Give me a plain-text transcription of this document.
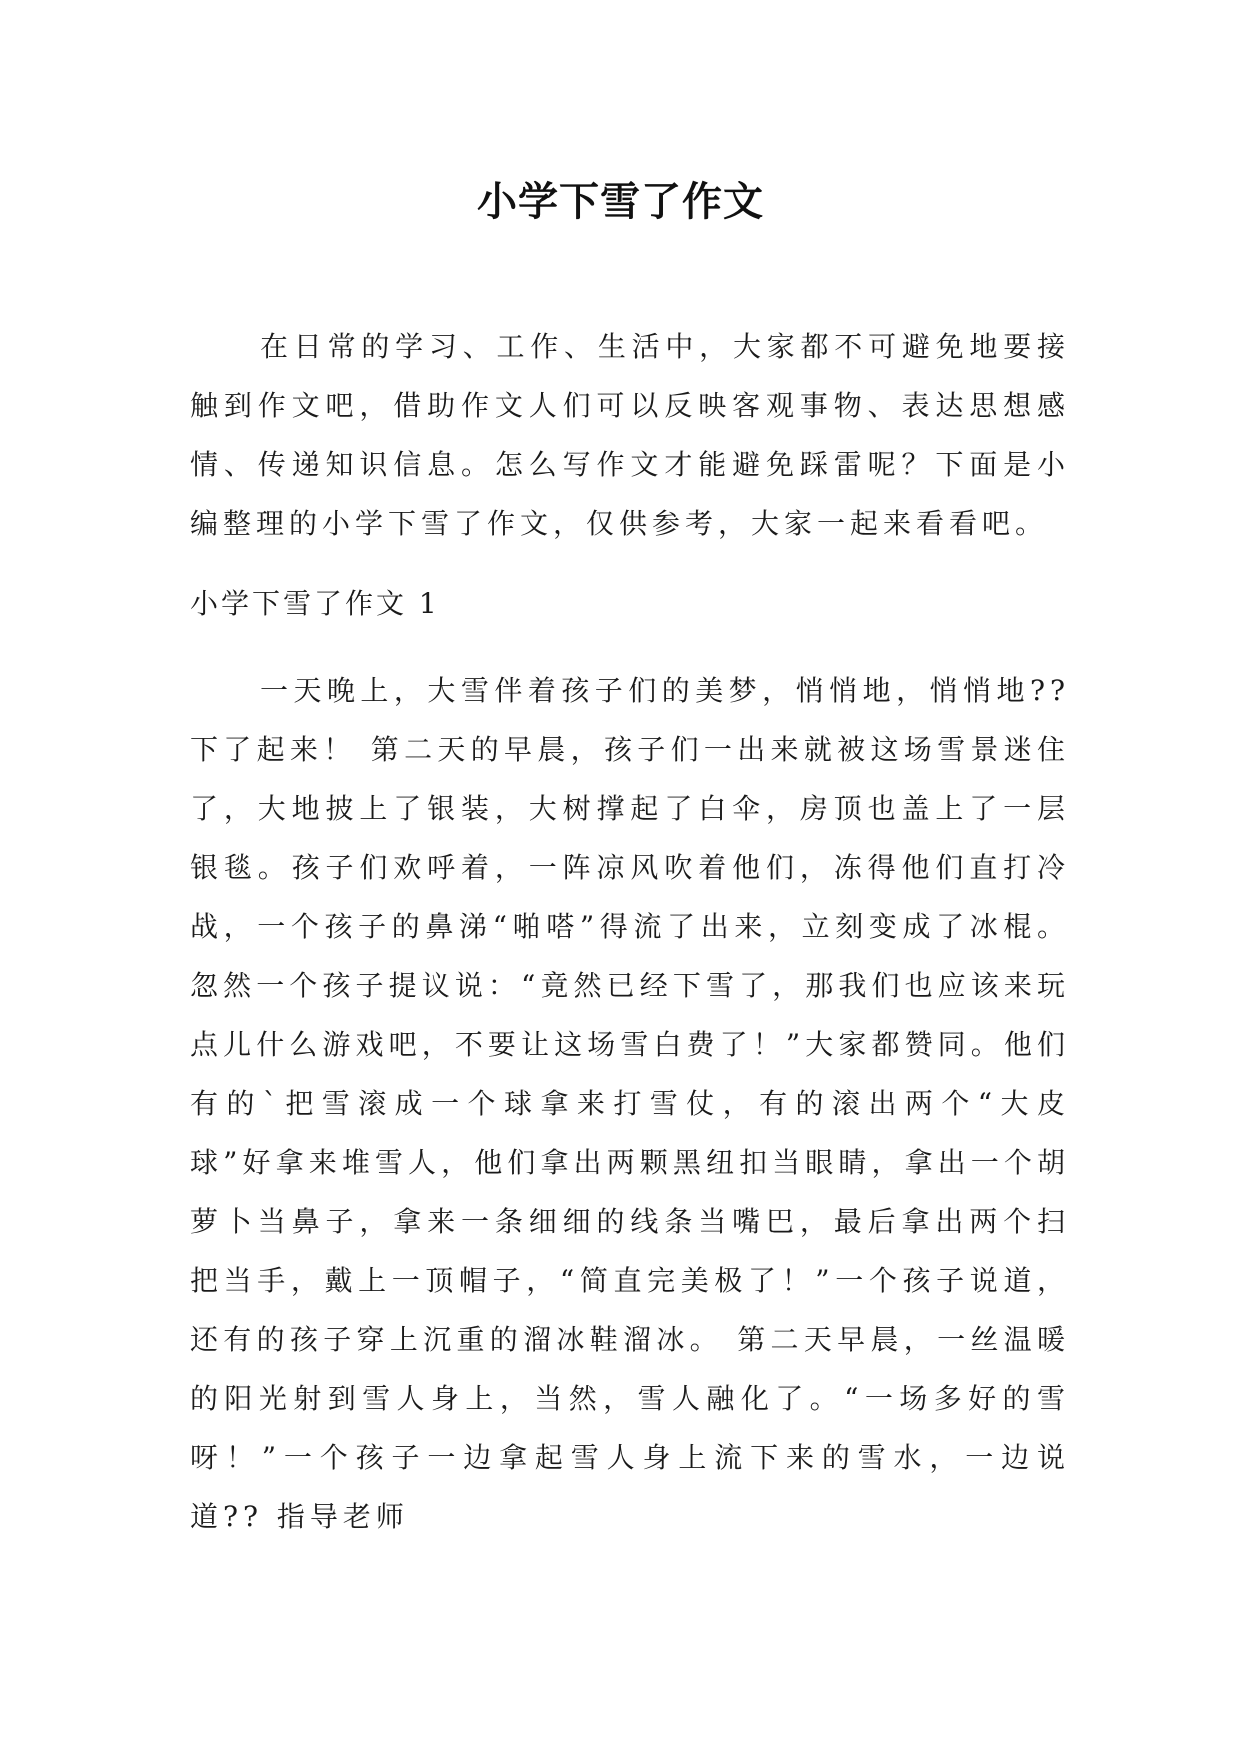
小学下雪了作文

在日常的学习、工作、生活中，大家都不可避免地要接触到作文吧，借助作文人们可以反映客观事物、表达思想感情、传递知识信息。怎么写作文才能避免踩雷呢？下面是小编整理的小学下雪了作文，仅供参考，大家一起来看看吧。

小学下雪了作文 1

一天晚上，大雪伴着孩子们的美梦，悄悄地，悄悄地?? 下了起来！ 第二天的早晨，孩子们一出来就被这场雪景迷住了，大地披上了银装，大树撑起了白伞，房顶也盖上了一层银毯。孩子们欢呼着，一阵凉风吹着他们，冻得他们直打冷战，一个孩子的鼻涕“啪嗒”得流了出来，立刻变成了冰棍。忽然一个孩子提议说：“竟然已经下雪了，那我们也应该来玩点儿什么游戏吧，不要让这场雪白费了！”大家都赞同。他们有的`把雪滚成一个球拿来打雪仗，有的滚出两个“大皮球”好拿来堆雪人，他们拿出两颗黑纽扣当眼睛，拿出一个胡萝卜当鼻子，拿来一条细细的线条当嘴巴，最后拿出两个扫把当手，戴上一顶帽子，“简直完美极了！”一个孩子说道，还有的孩子穿上沉重的溜冰鞋溜冰。 第二天早晨，一丝温暖的阳光射到雪人身上，当然，雪人融化了。“一场多好的雪呀！”一个孩子一边拿起雪人身上流下来的雪水，一边说道?? 指导老师
